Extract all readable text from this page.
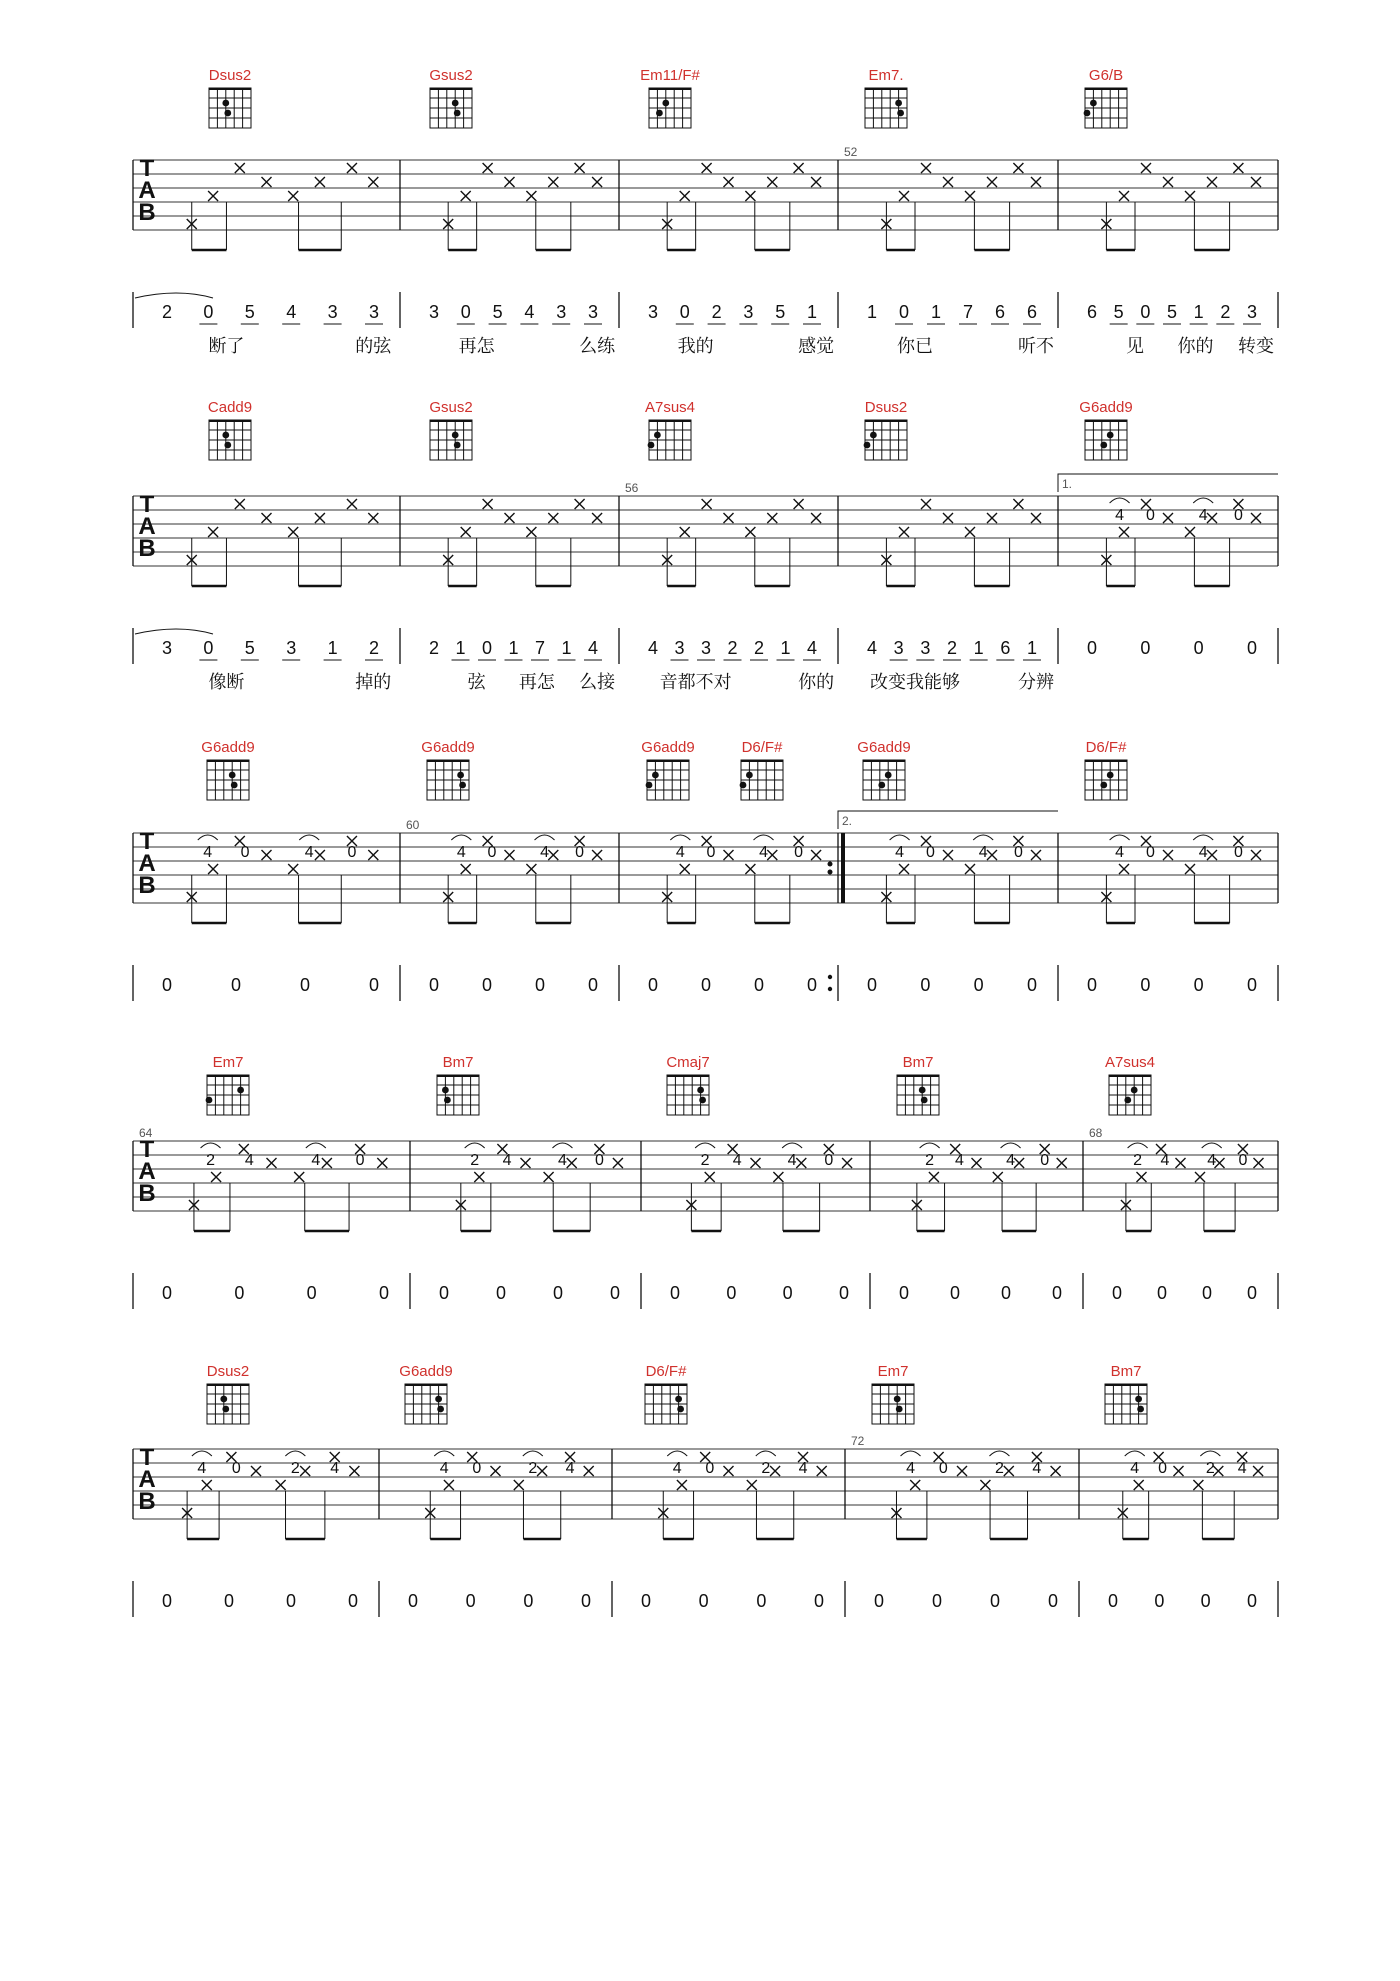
Dsus2	Gsus2	Em11/F#	Em7.	G6/B
T
A
B
52
2 0 5 4 3 3
断了	的弦
3 0 5 4 3 3
再怎	么练
3 0 2 3 5 1
我的	感觉
1 0 1 7 6 6
你已	听不
6 5 0 5 1 2 3
见 你的 转变
Cadd9	Gsus2	A7sus4	Dsus2	G6add9
T
A
B
56	1.
3 0 5 3 1 2
像断	掉的
2 1 0 1 7 1 4
弦 再怎 么接
4 3 3 2 2 1 4
音都不对	你的
4 3 3 2 1 6 1
改变我能够	分辨
4 0	4 0
0 0 0 0
G6add9	G6add9	G6add9	D6/F#	G6add9	D6/F#
T
A
B
60	2.
4 0	4 0
0	0	0	0
4 0	4 0
0 0 0 0
4 0	4 0
0 0 0 0
4 0	4 0
0 0 0 0
4 0	4 0
0 0 0 0
Em7	Bm7	Cmaj7	Bm7	A7sus4
T
A
B
64	68
2 4	4 0
0	0	0	0
2 4	4 0
0	0	0	0
2 4	4 0
0	0	0	0
2 4	4 0
0 0 0 0
2 4 4 0
0 0 0 0
Dsus2	G6add9	D6/F#	Em7	Bm7
T
A
B
72
4 0	2 4
0	0	0	0
4 0	2 4
0	0	0	0
4 0	2 4
0	0	0	0
4 0	2 4
0	0	0	0
4 0 2 4
0 0 0 0
